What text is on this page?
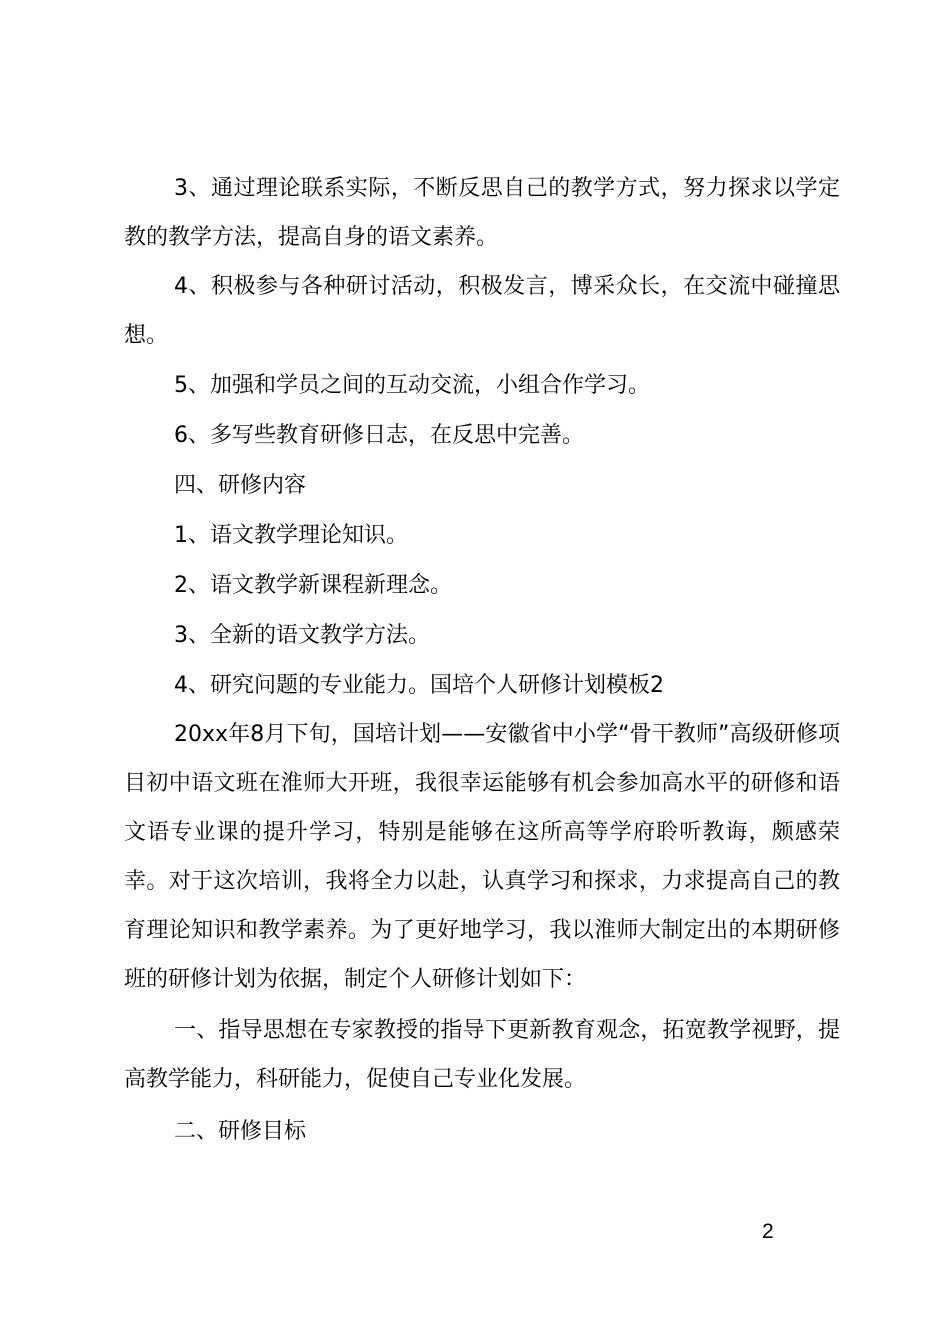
3、通过理论联系实际，不断反思自己的教学方式，努力探求以学定教的教学方法，提高自身的语文素养。

4、积极参与各种研讨活动，积极发言，博采众长，在交流中碰撞思想。

5、加强和学员之间的互动交流，小组合作学习。

6、多写些教育研修日志，在反思中完善。

四、研修内容

1、语文教学理论知识。

2、语文教学新课程新理念。

3、全新的语文教学方法。

4、研究问题的专业能力。国培个人研修计划模板2

20xx年8月下旬，国培计划——安徽省中小学“骨干教师”高级研修项目初中语文班在淮师大开班，我很幸运能够有机会参加高水平的研修和语文语专业课的提升学习，特别是能够在这所高等学府聆听教诲，颇感荣幸。对于这次培训，我将全力以赴，认真学习和探求，力求提高自己的教育理论知识和教学素养。为了更好地学习，我以淮师大制定出的本期研修班的研修计划为依据，制定个人研修计划如下：

一、指导思想在专家教授的指导下更新教育观念，拓宽教学视野，提高教学能力，科研能力，促使自己专业化发展。

二、研修目标

2
